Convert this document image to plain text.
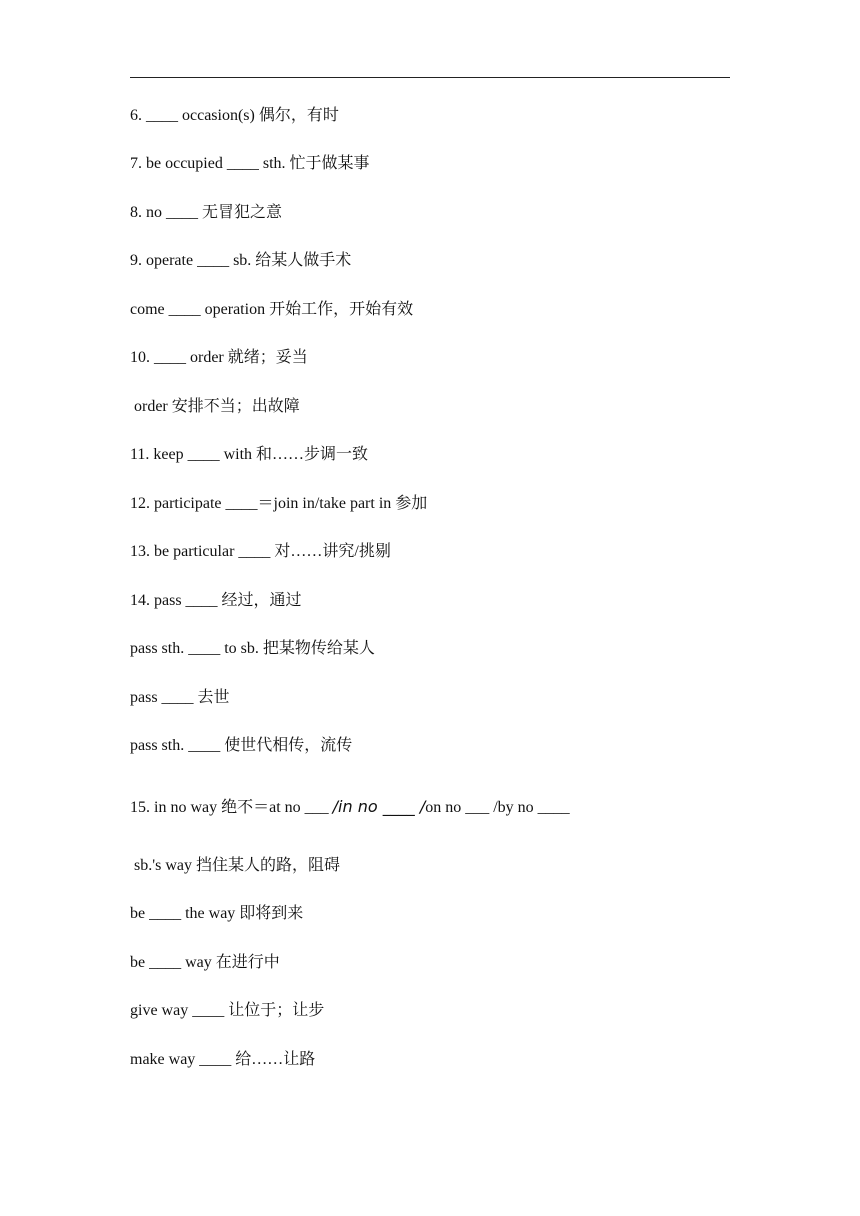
6. ____ occasion(s) 偶尔，有时
7. be occupied ____ sth. 忙于做某事
8. no ____ 无冒犯之意
9. operate ____ sb. 给某人做手术
come ____ operation 开始工作，开始有效
10. ____ order 就绪；妥当
order 安排不当；出故障
11. keep ____ with 和……步调一致
12. participate ____＝join in/take part in 参加
13. be particular ____ 对……讲究/挑剔
14. pass ____ 经过，通过
pass sth. ____ to sb. 把某物传给某人
pass ____ 去世
pass sth. ____ 使世代相传，流传
15. in no way 绝不＝at no ___ /in no ____ /on no ___ /by no ____
sb.'s way 挡住某人的路，阻碍
be ____ the way 即将到来
be ____ way 在进行中
give way ____ 让位于；让步
make way ____ 给……让路
